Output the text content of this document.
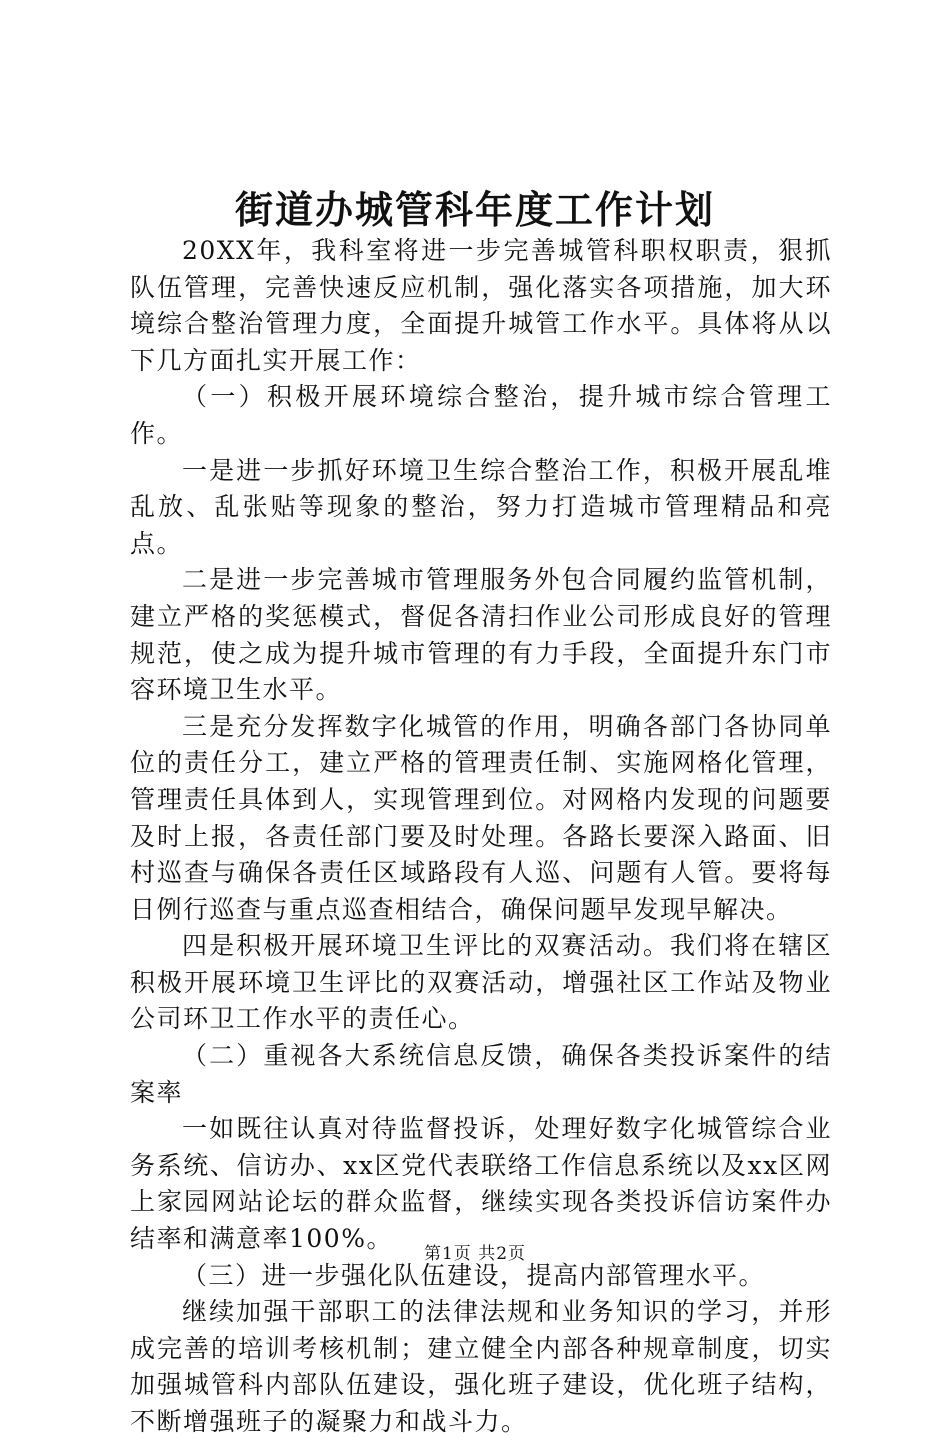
街道办城管科年度工作计划

20XX年，我科室将进一步完善城管科职权职责，狠抓队伍管理，完善快速反应机制，强化落实各项措施，加大环境综合整治管理力度，全面提升城管工作水平。具体将从以下几方面扎实开展工作：

（一）积极开展环境综合整治，提升城市综合管理工作。

一是进一步抓好环境卫生综合整治工作，积极开展乱堆乱放、乱张贴等现象的整治，努力打造城市管理精品和亮点。

二是进一步完善城市管理服务外包合同履约监管机制，建立严格的奖惩模式，督促各清扫作业公司形成良好的管理规范，使之成为提升城市管理的有力手段，全面提升东门市容环境卫生水平。

三是充分发挥数字化城管的作用，明确各部门各协同单位的责任分工，建立严格的管理责任制、实施网格化管理，管理责任具体到人，实现管理到位。对网格内发现的问题要及时上报，各责任部门要及时处理。各路长要深入路面、旧村巡查与确保各责任区域路段有人巡、问题有人管。要将每日例行巡查与重点巡查相结合，确保问题早发现早解决。

四是积极开展环境卫生评比的双赛活动。我们将在辖区积极开展环境卫生评比的双赛活动，增强社区工作站及物业公司环卫工作水平的责任心。

（二）重视各大系统信息反馈，确保各类投诉案件的结案率

一如既往认真对待监督投诉，处理好数字化城管综合业务系统、信访办、xx区党代表联络工作信息系统以及xx区网上家园网站论坛的群众监督，继续实现各类投诉信访案件办结率和满意率100%。

（三）进一步强化队伍建设，提高内部管理水平。

继续加强干部职工的法律法规和业务知识的学习，并形成完善的培训考核机制；建立健全内部各种规章制度，切实加强城管科内部队伍建设，强化班子建设，优化班子结构，不断增强班子的凝聚力和战斗力。

第1页 共2页
